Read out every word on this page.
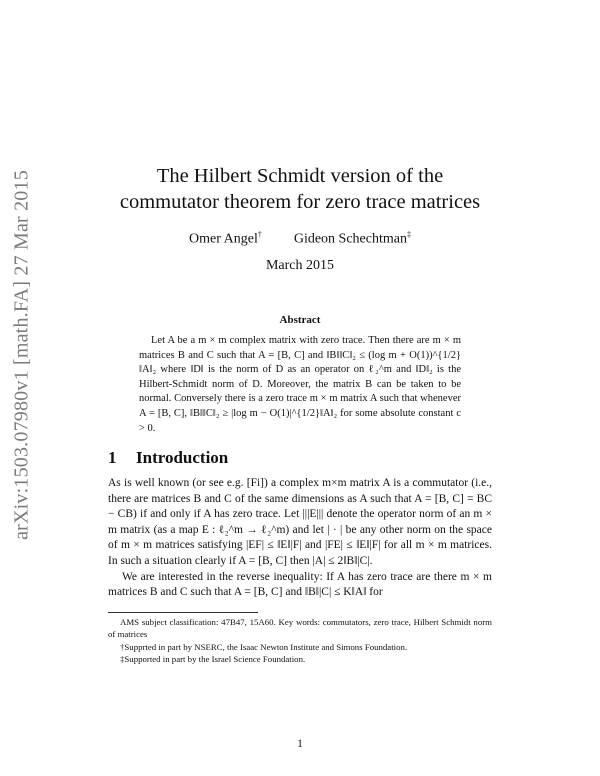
arXiv:1503.07980v1 [math.FA] 27 Mar 2015	The Hilbert Schmidt version of the
commutator theorem for zero trace matrices
Omer Angel† Gideon Schechtman‡
March 2015
Abstract
Let A be a m × m complex matrix with zero trace. Then there are m × m matrices B and C such that A = [B, C] and ‖B‖‖C‖₂ ≤ (log m + O(1))^{1/2}‖A‖₂ where ‖D‖ is the norm of D as an operator on ℓ₂^m and ‖D‖₂ is the Hilbert-Schmidt norm of D. Moreover, the matrix B can be taken to be normal. Conversely there is a zero trace m × m matrix A such that whenever A = [B, C], ‖B‖‖C‖₂ ≥ |log m − O(1)|^{1/2}‖A‖₂ for some absolute constant c > 0.
1 Introduction

As is well known (or see e.g. [Fi]) a complex m×m matrix A is a commutator (i.e., there are matrices B and C of the same dimensions as A such that A = [B, C] = BC − CB) if and only if A has zero trace. Let |||E||| denote the operator norm of an m × m matrix (as a map E : ℓ₂^m → ℓ₂^m) and let | · | be any other norm on the space of m × m matrices satisfying |EF| ≤ ‖E‖|F| and |FE| ≤ ‖E‖|F| for all m × m matrices. In such a situation clearly if A = [B, C] then |A| ≤ 2‖B‖|C|.

We are interested in the reverse inequality: If A has zero trace are there m × m matrices B and C such that A = [B, C] and ‖B‖|C| ≤ K‖A‖ for

AMS subject classification: 47B47, 15A60. Key words: commutators, zero trace, Hilbert Schmidt norm of matrices

†Supprted in part by NSERC, the Isaac Newton Institute and Simons Foundation.

‡Supported in part by the Israel Science Foundation.

1
